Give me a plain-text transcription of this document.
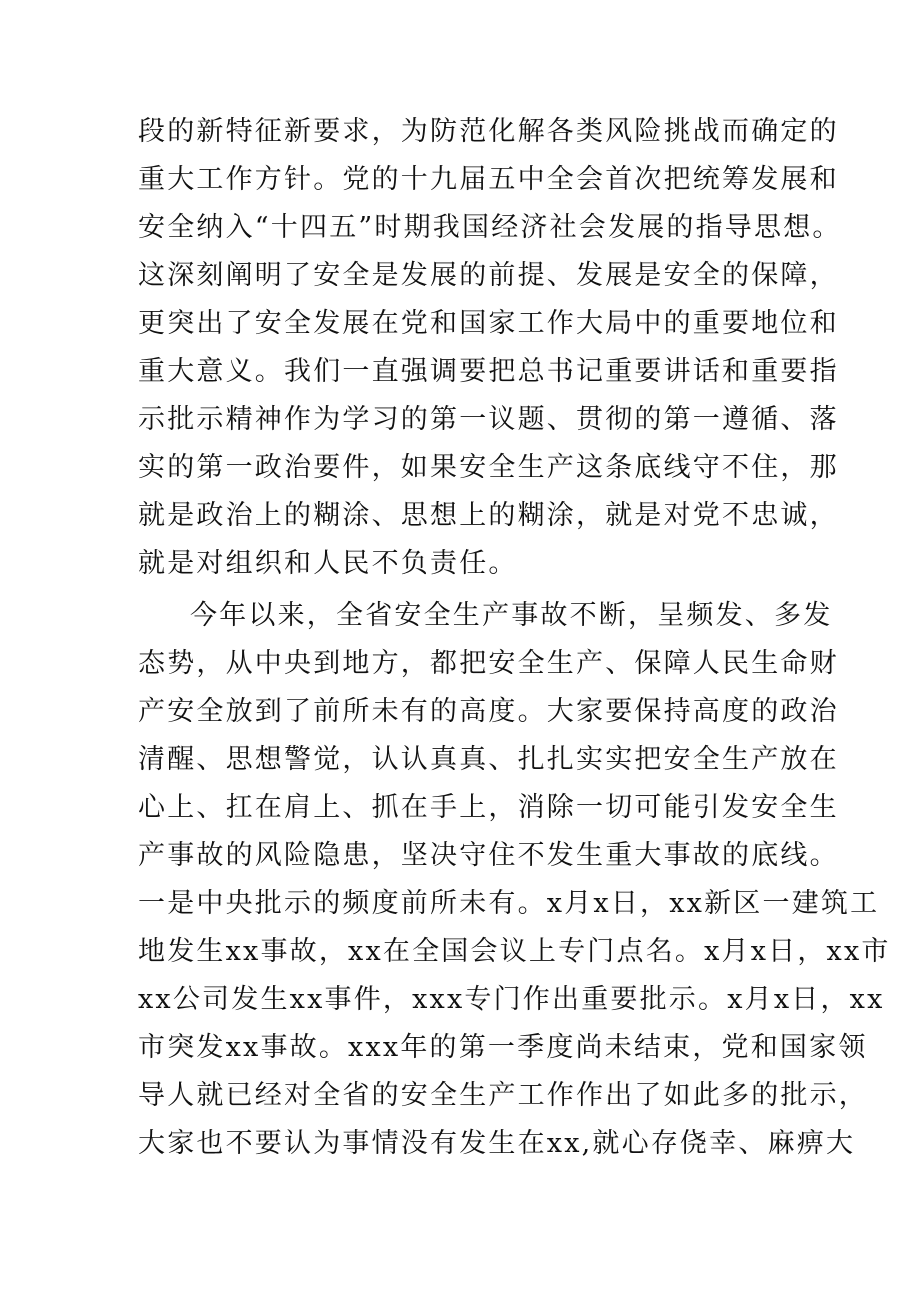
段的新特征新要求，为防范化解各类风险挑战而确定的
重大工作方针。党的十九届五中全会首次把统筹发展和
安全纳入“十四五”时期我国经济社会发展的指导思想。
这深刻阐明了安全是发展的前提、发展是安全的保障，
更突出了安全发展在党和国家工作大局中的重要地位和
重大意义。我们一直强调要把总书记重要讲话和重要指
示批示精神作为学习的第一议题、贯彻的第一遵循、落
实的第一政治要件，如果安全生产这条底线守不住，那
就是政治上的糊涂、思想上的糊涂，就是对党不忠诚，
就是对组织和人民不负责任。
今年以来，全省安全生产事故不断，呈频发、多发
态势，从中央到地方，都把安全生产、保障人民生命财
产安全放到了前所未有的高度。大家要保持高度的政治
清醒、思想警觉，认认真真、扎扎实实把安全生产放在
心上、扛在肩上、抓在手上，消除一切可能引发安全生
产事故的风险隐患，坚决守住不发生重大事故的底线。
一是中央批示的频度前所未有。x月x日，xx新区一建筑工
地发生xx事故，xx在全国会议上专门点名。x月x日，xx市
xx公司发生xx事件，xxx专门作出重要批示。x月x日，xx
市突发xx事故。xxx年的第一季度尚未结束，党和国家领
导人就已经对全省的安全生产工作作出了如此多的批示，
大家也不要认为事情没有发生在xx,就心存侥幸、麻痹大
